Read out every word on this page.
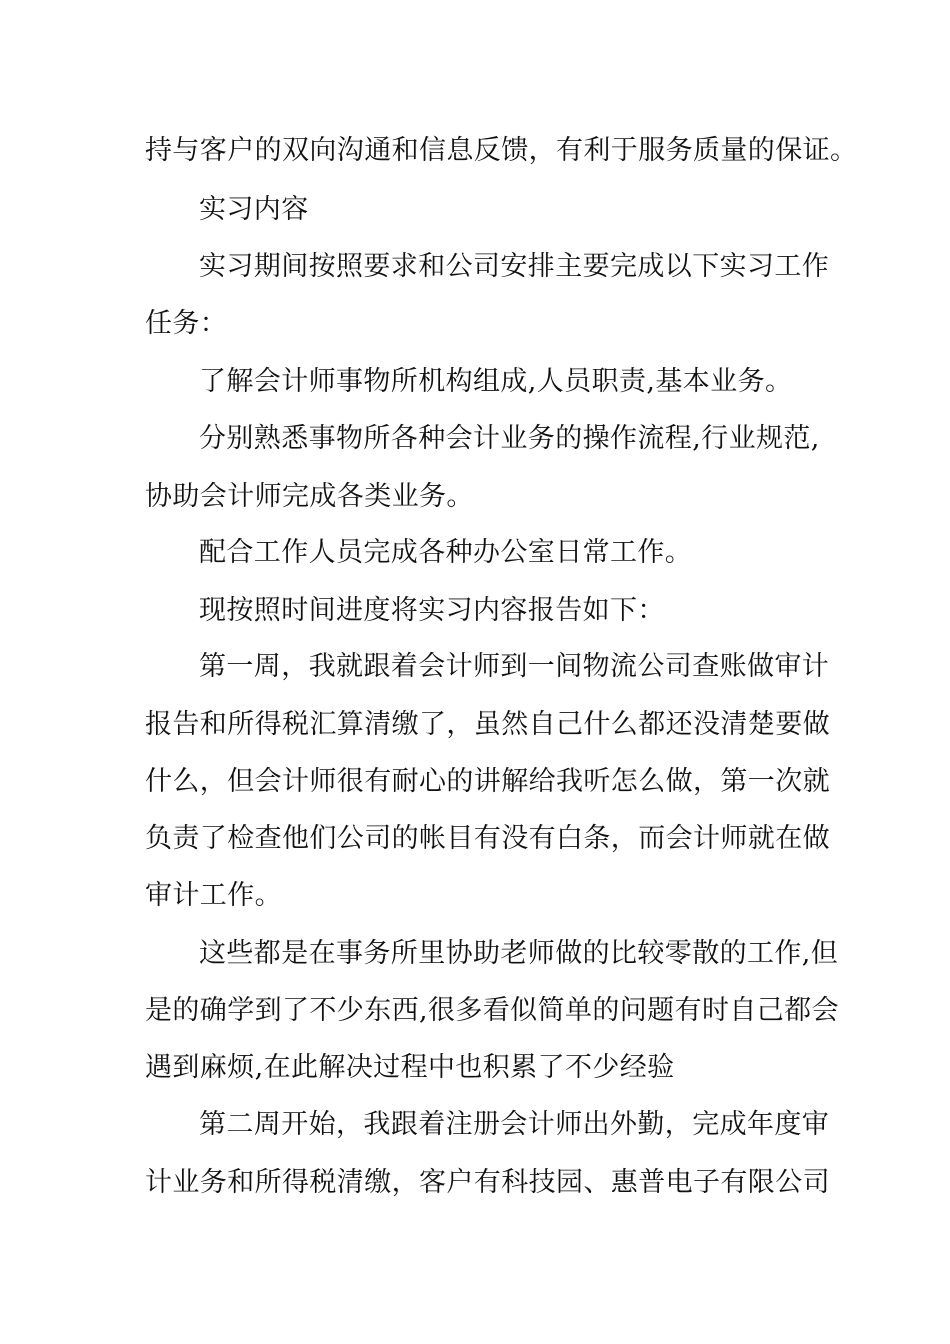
持与客户的双向沟通和信息反馈，有利于服务质量的保证。
实习内容
实习期间按照要求和公司安排主要完成以下实习工作
任务：
了解会计师事物所机构组成,人员职责,基本业务。
分别熟悉事物所各种会计业务的操作流程,行业规范,
协助会计师完成各类业务。
配合工作人员完成各种办公室日常工作。
现按照时间进度将实习内容报告如下：
第一周，我就跟着会计师到一间物流公司查账做审计
报告和所得税汇算清缴了，虽然自己什么都还没清楚要做
什么，但会计师很有耐心的讲解给我听怎么做，第一次就
负责了检查他们公司的帐目有没有白条，而会计师就在做
审计工作。
这些都是在事务所里协助老师做的比较零散的工作,但
是的确学到了不少东西,很多看似简单的问题有时自己都会
遇到麻烦,在此解决过程中也积累了不少经验
第二周开始，我跟着注册会计师出外勤，完成年度审
计业务和所得税清缴，客户有科技园、惠普电子有限公司
